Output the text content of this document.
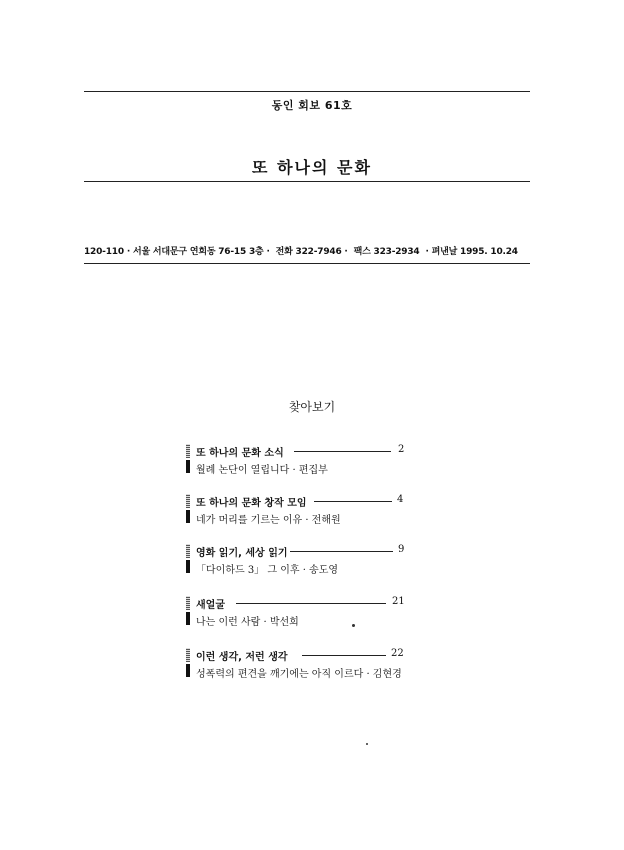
동인 회보 61호
또 하나의 문화
120-110 · 서울 서대문구 연희동 76-15 3층 · 전화 322-7946 · 팩스 323-2934 · 펴낸날 1995. 10.24
찾아보기
또 하나의 문화 소식	2
월례 논단이 열립니다 · 편집부
또 하나의 문화 창작 모임	4
네가 머리를 기르는 이유 · 전해원
영화 읽기, 세상 읽기	9
「다이하드 3」 그 이후 · 송도영
새얼굴	21
나는 이런 사람 · 박선희
이런 생각, 저런 생각	22
성폭력의 편견을 깨기에는 아직 이르다 · 김현경
